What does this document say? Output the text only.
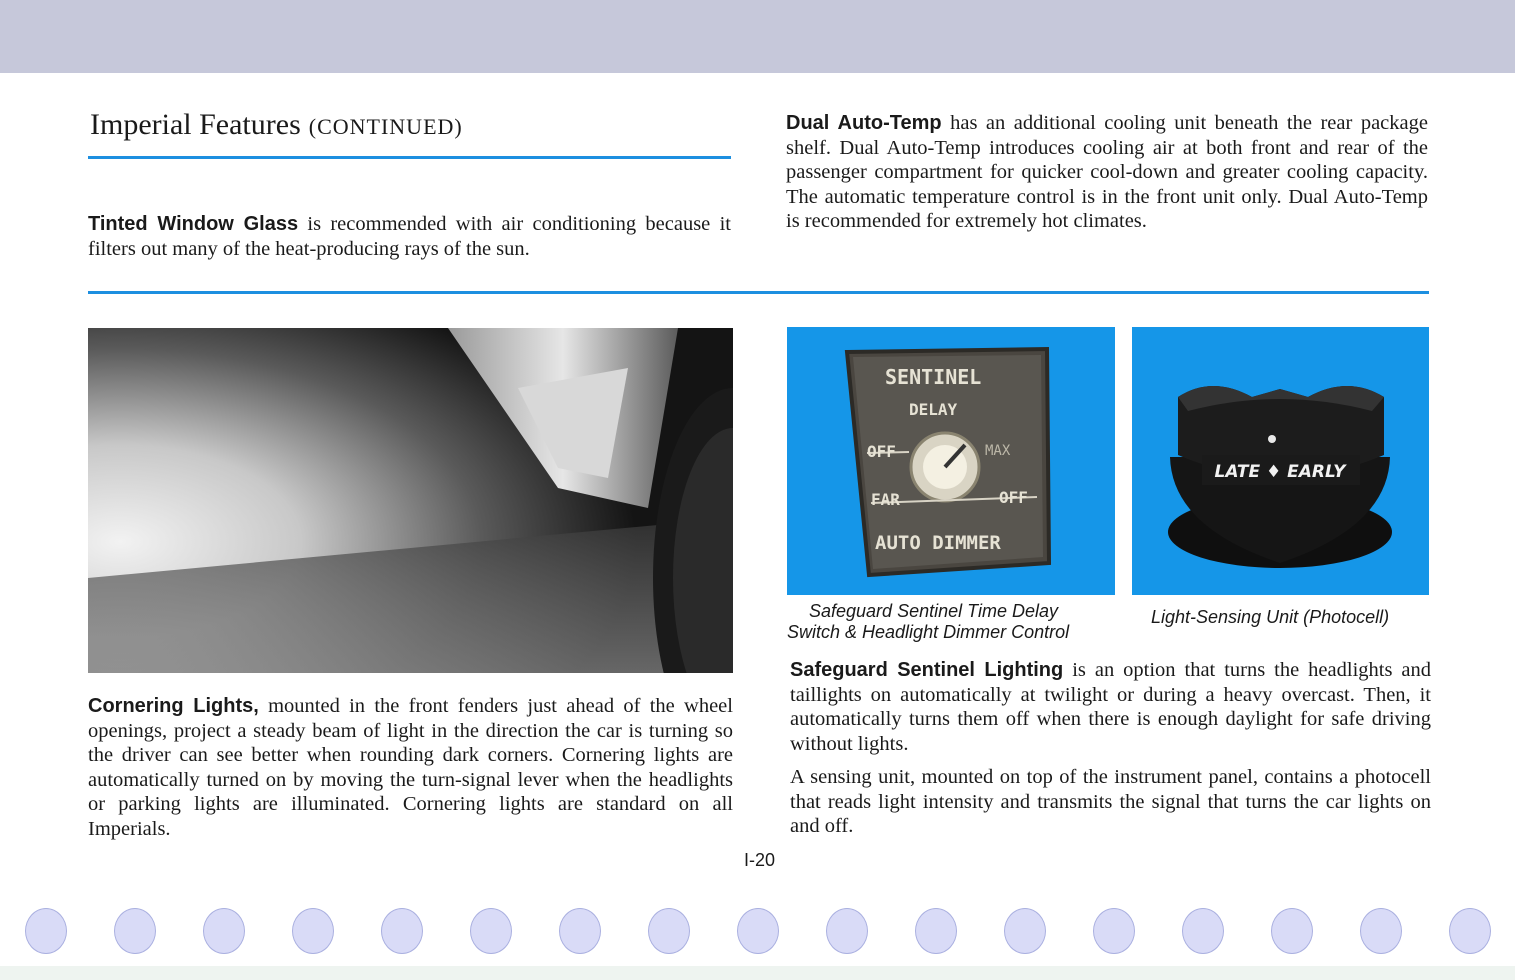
Imperial Features (CONTINUED)

Tinted Window Glass is recommended with air conditioning because it filters out many of the heat-producing rays of the sun.

Dual Auto-Temp has an additional cooling unit beneath the rear package shelf. Dual Auto-Temp introduces cooling air at both front and rear of the passenger compartment for quicker cool-down and greater cooling capacity. The automatic temperature control is in the front unit only. Dual Auto-Temp is recommended for extremely hot climates.

Cornering Lights, mounted in the front fenders just ahead of the wheel openings, project a steady beam of light in the direction the car is turning so the driver can see better when rounding dark corners. Cornering lights are automatically turned on by moving the turn-signal lever when the headlights or parking lights are illuminated. Cornering lights are standard on all Imperials.

SENTINEL
DELAY
OFF	MAX
FAR	OFF
AUTO DIMMER
LATE ♦ EARLY
Safeguard Sentinel Time Delay
Switch & Headlight Dimmer Control
Light-Sensing Unit (Photocell)

Safeguard Sentinel Lighting is an option that turns the headlights and taillights on automatically at twilight or during a heavy overcast. Then, it automatically turns them off when there is enough daylight for safe driving without lights.

A sensing unit, mounted on top of the instrument panel, contains a photocell that reads light intensity and transmits the signal that turns the car lights on and off.

I-20
